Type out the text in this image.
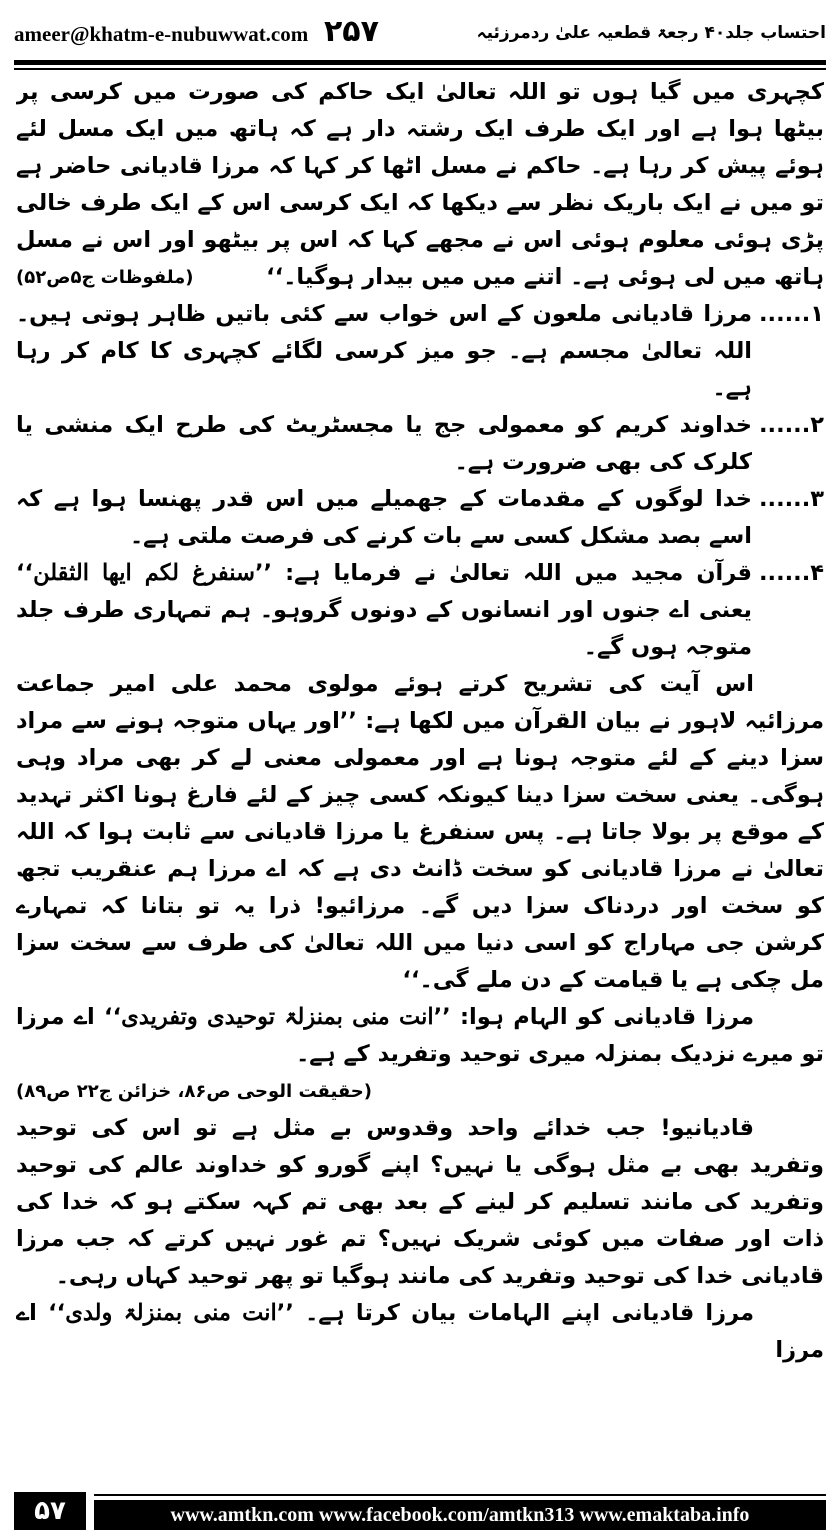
ameer@khatm-e-nubuwwat.com ۲۵۷	احتساب جلد۴۰ رجعۃ قطعیہ علیٰ ردمرزئیہ

کچہری میں گیا ہوں تو اللہ تعالیٰ ایک حاکم کی صورت میں کرسی پر بیٹھا ہوا ہے اور ایک طرف ایک رشتہ دار ہے کہ ہاتھ میں ایک مسل لئے ہوئے پیش کر رہا ہے۔ حاکم نے مسل اٹھا کر کہا کہ مرزا قادیانی حاضر ہے تو میں نے ایک باریک نظر سے دیکھا کہ ایک کرسی اس کے ایک طرف خالی پڑی ہوئی معلوم ہوئی اس نے مجھے کہا کہ اس پر بیٹھو اور اس نے مسل ہاتھ میں لی ہوئی ہے۔ اتنے میں میں بیدار ہوگیا۔‘‘
(ملفوظات ج۵ص۵۲)

۱......
مرزا قادیانی ملعون کے اس خواب سے کئی باتیں ظاہر ہوتی ہیں۔ اللہ تعالیٰ مجسم ہے۔ جو میز کرسی لگائے کچہری کا کام کر رہا ہے۔
۲......
خداوند کریم کو معمولی جج یا مجسٹریٹ کی طرح ایک منشی یا کلرک کی بھی ضرورت ہے۔
۳......
خدا لوگوں کے مقدمات کے جھمیلے میں اس قدر پھنسا ہوا ہے کہ اسے بصد مشکل کسی سے بات کرنے کی فرصت ملتی ہے۔
۴......
قرآن مجید میں اللہ تعالیٰ نے فرمایا ہے: ’’سنفرغ لکم ایھا الثقلن‘‘ یعنی اے جنوں اور انسانوں کے دونوں گروہو۔ ہم تمہاری طرف جلد متوجہ ہوں گے۔

اس آیت کی تشریح کرتے ہوئے مولوی محمد علی امیر جماعت مرزائیہ لاہور نے بیان القرآن میں لکھا ہے: ’’اور یہاں متوجہ ہونے سے مراد سزا دینے کے لئے متوجہ ہونا ہے اور معمولی معنی لے کر بھی مراد وہی ہوگی۔ یعنی سخت سزا دینا کیونکہ کسی چیز کے لئے فارغ ہونا اکثر تہدید کے موقع پر بولا جاتا ہے۔ پس سنفرغ یا مرزا قادیانی سے ثابت ہوا کہ اللہ تعالیٰ نے مرزا قادیانی کو سخت ڈانٹ دی ہے کہ اے مرزا ہم عنقریب تجھ کو سخت اور دردناک سزا دیں گے۔ مرزائیو! ذرا یہ تو بتانا کہ تمہارے کرشن جی مہاراج کو اسی دنیا میں اللہ تعالیٰ کی طرف سے سخت سزا مل چکی ہے یا قیامت کے دن ملے گی۔‘‘

مرزا قادیانی کو الہام ہوا: ’’انت منی بمنزلۃ توحیدی وتفریدی‘‘ اے مرزا تو میرے نزدیک بمنزلہ میری توحید وتفرید کے ہے۔
(حقیقت الوحی ص۸۶، خزائن ج۲۲ ص۸۹)

قادیانیو! جب خدائے واحد وقدوس بے مثل ہے تو اس کی توحید وتفرید بھی بے مثل ہوگی یا نہیں؟ اپنے گورو کو خداوند عالم کی توحید وتفرید کی مانند تسلیم کر لینے کے بعد بھی تم کہہ سکتے ہو کہ خدا کی ذات اور صفات میں کوئی شریک نہیں؟ تم غور نہیں کرتے کہ جب مرزا قادیانی خدا کی توحید وتفرید کی مانند ہوگیا تو پھر توحید کہاں رہی۔

مرزا قادیانی اپنے الہامات بیان کرتا ہے۔ ’’انت منی بمنزلۃ ولدی‘‘ اے مرزا

۵۷	www.amtkn.com www.facebook.com/amtkn313 www.emaktaba.info
